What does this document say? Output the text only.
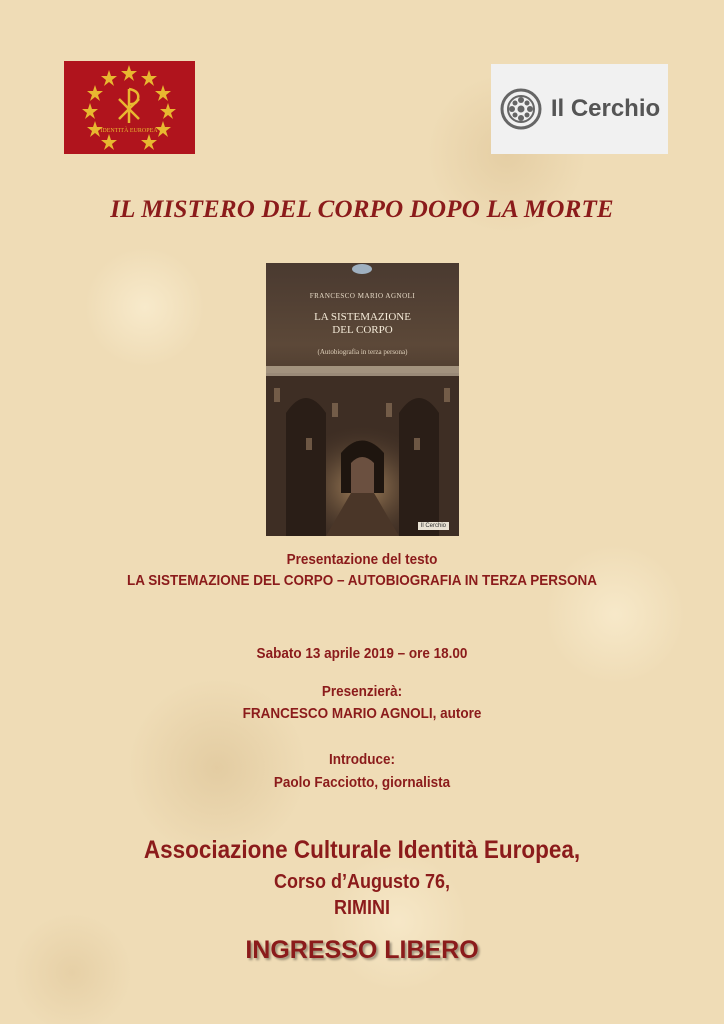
IDENTITÀ EUROPEA
Il Cerchio
IL MISTERO DEL CORPO DOPO LA MORTE
FRANCESCO MARIO AGNOLI
LA SISTEMAZIONE
DEL CORPO
(Autobiografia in terza persona)
Il Cerchio
Presentazione del testo
LA SISTEMAZIONE DEL CORPO – AUTOBIOGRAFIA IN TERZA PERSONA
Sabato 13 aprile 2019 – ore 18.00
Presenzierà:
FRANCESCO MARIO AGNOLI, autore
Introduce:
Paolo Facciotto, giornalista
Associazione Culturale Identità Europea,
Corso d’Augusto 76,
RIMINI
INGRESSO LIBERO
